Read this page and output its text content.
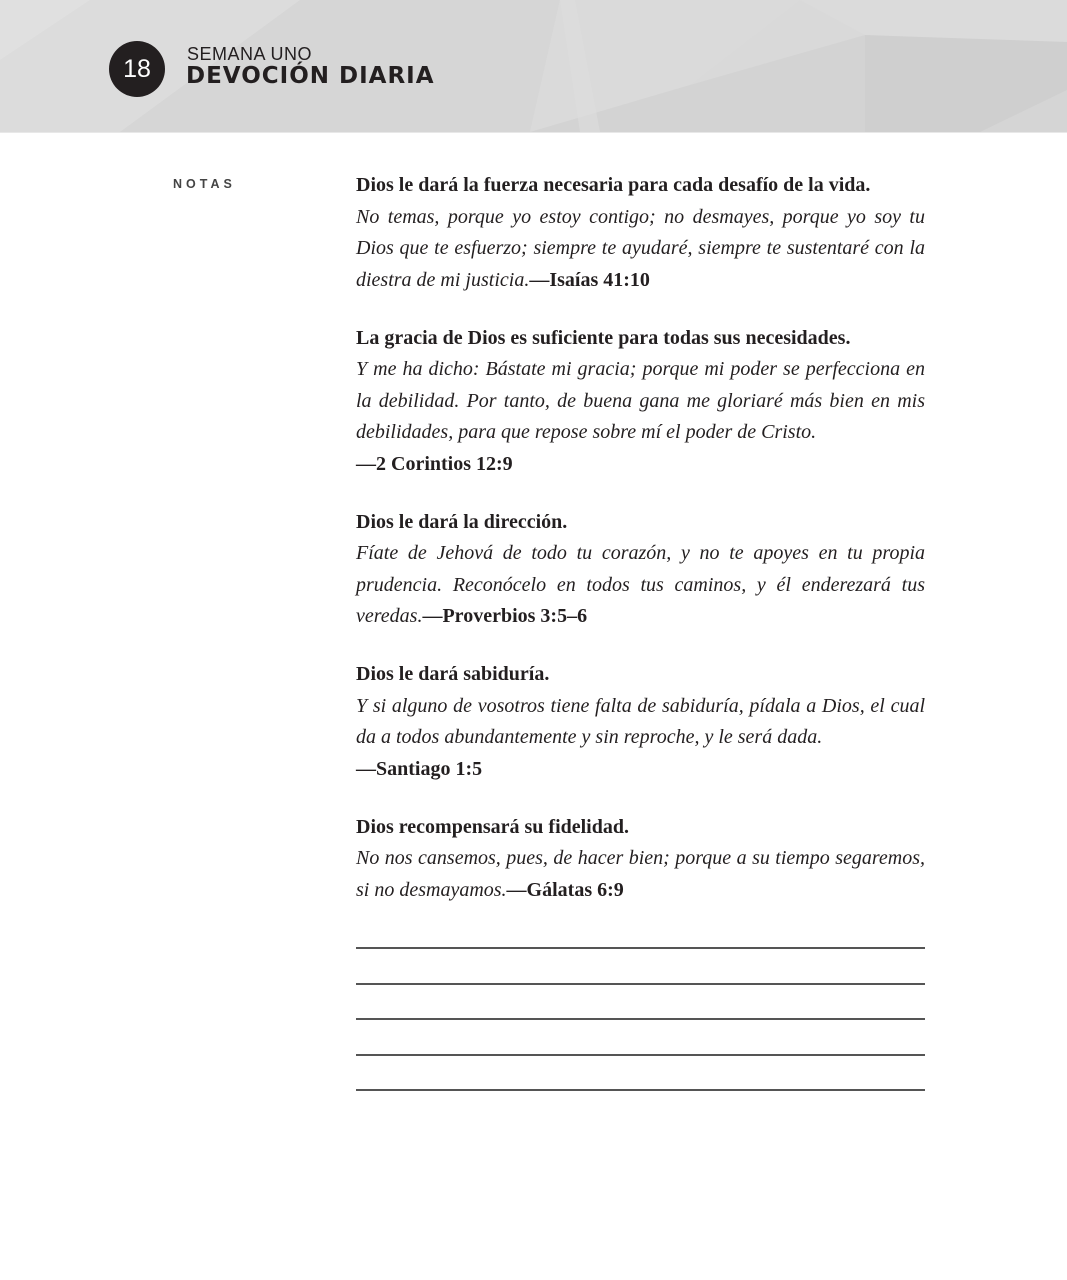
18
SEMANA UNO
DEVOCIÓN DIARIA
NOTAS	Dios le dará la fuerza necesaria para cada desafío de la vida.
No temas, porque yo estoy contigo; no desmayes, porque yo soy tu Dios que te esfuerzo; siempre te ayudaré, siempre te sustentaré con la diestra de mi justicia.—Isaías 41:10
La gracia de Dios es suficiente para todas sus necesidades.
Y me ha dicho: Bástate mi gracia; porque mi poder se perfecciona en la debilidad. Por tanto, de buena gana me gloriaré más bien en mis debilidades, para que repose sobre mí el poder de Cristo.
—2 Corintios 12:9
Dios le dará la dirección.
Fíate de Jehová de todo tu corazón, y no te apoyes en tu propia prudencia. Reconócelo en todos tus caminos, y él enderezará tus veredas.—Proverbios 3:5–6
Dios le dará sabiduría.
Y si alguno de vosotros tiene falta de sabiduría, pídala a Dios, el cual da a todos abundantemente y sin reproche, y le será dada.
—Santiago 1:5
Dios recompensará su fidelidad.
No nos cansemos, pues, de hacer bien; porque a su tiempo segaremos, si no desmayamos.—Gálatas 6:9
